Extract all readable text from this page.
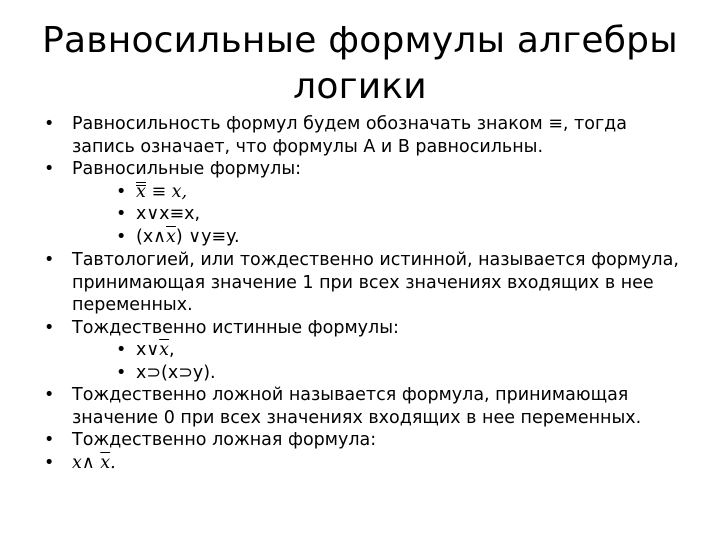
Равносильные формулы алгебры
логики
• Равносильность формул будем обозначать знаком ≡, тогда
запись означает, что формулы А и В равносильны.
• Равносильные формулы:
• x ≡ x,
• x∨x≡x,
• $(x\wedge\overline{x})$ ∨y≡y.
• Тавтологией, или тождественно истинной, называется формула,
принимающая значение 1 при всех значениях входящих в нее
переменных.
• Тождественно истинные формулы:
• $x\vee\overline{x}$,
• x⊃(x⊃y).
• Тождественно ложной называется формула, принимающая
значение 0 при всех значениях входящих в нее переменных.
• Тождественно ложная формула:
• x∧ $\overline{x}$.
